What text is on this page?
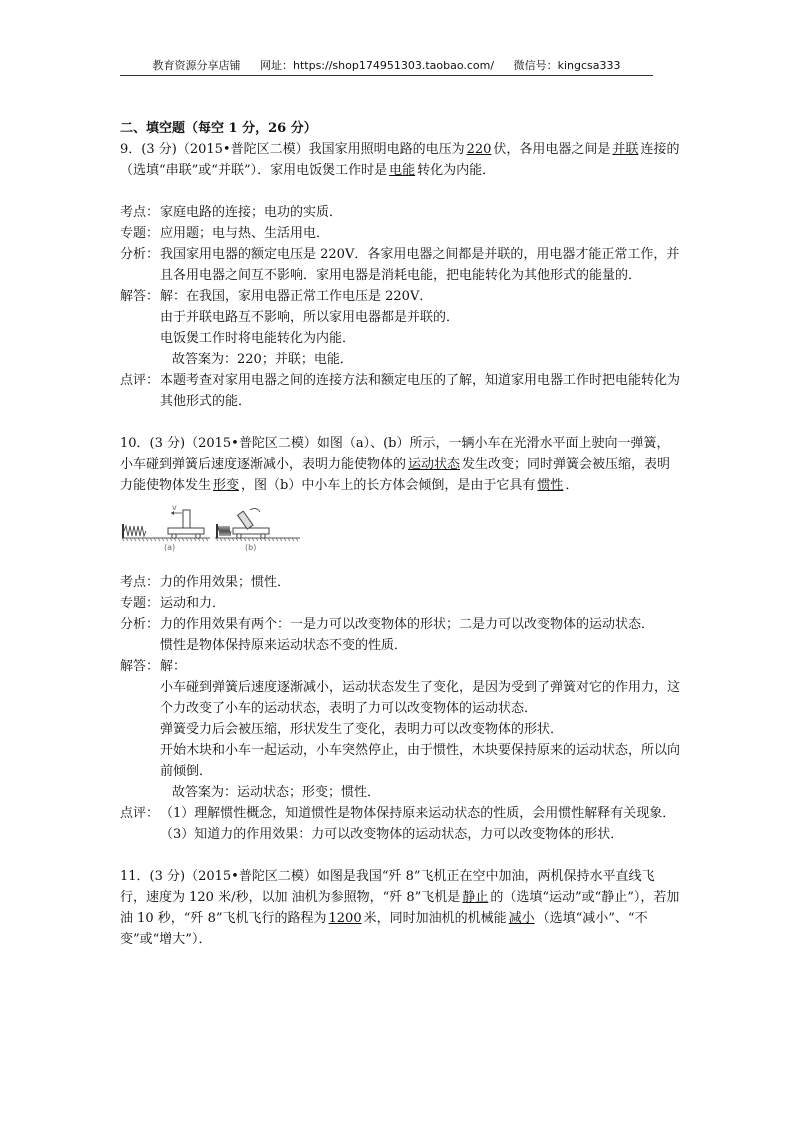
教育资源分享店铺 网址：https://shop174951303.taobao.com/ 微信号：kingcsa333
二、填空题（每空 1 分，26 分）

9．(3 分)（2015•普陀区二模）我国家用照明电路的电压为 220 伏，各用电器之间是 并联 连接的（选填“串联”或“并联”）．家用电饭煲工作时是 电能 转化为内能．

考点： 家庭电路的连接；电功的实质．
专题： 应用题；电与热、生活用电．
分析： 我国家用电器的额定电压是 220V．各家用电器之间都是并联的，用电器才能正常工作，并且各用电器之间互不影响．家用电器是消耗电能，把电能转化为其他形式的能量的．
解答： 解：在我国，家用电器正常工作电压是 220V．
由于并联电路互不影响，所以家用电器都是并联的．
电饭煲工作时将电能转化为内能．
故答案为：220；并联；电能．
点评： 本题考查对家用电器之间的连接方法和额定电压的了解，知道家用电器工作时把电能转化为其他形式的能．

10．(3 分)（2015•普陀区二模）如图（a）、(b）所示，一辆小车在光滑水平面上驶向一弹簧，小车碰到弹簧后速度逐渐减小，表明力能使物体的 运动状态 发生改变；同时弹簧会被压缩，表明力能使物体发生 形变 ，图（b）中小车上的长方体会倾倒，是由于它具有 惯性 ．

v
(a)	(b)
考点： 力的作用效果；惯性．
专题： 运动和力．
分析： 力的作用效果有两个：一是力可以改变物体的形状；二是力可以改变物体的运动状态．
惯性是物体保持原来运动状态不变的性质．
解答： 解：
小车碰到弹簧后速度逐渐减小，运动状态发生了变化，是因为受到了弹簧对它的作用力，这个力改变了小车的运动状态，表明了力可以改变物体的运动状态．
弹簧受力后会被压缩，形状发生了变化，表明力可以改变物体的形状．
开始木块和小车一起运动，小车突然停止，由于惯性，木块要保持原来的运动状态，所以向前倾倒．
故答案为：运动状态；形变；惯性．
点评： （1）理解惯性概念，知道惯性是物体保持原来运动状态的性质，会用惯性解释有关现象．
（3）知道力的作用效果：力可以改变物体的运动状态，力可以改变物体的形状．

11．(3 分)（2015•普陀区二模）如图是我国“歼 8”飞机正在空中加油，两机保持水平直线飞行，速度为 120 米/秒，以加 油机为参照物，“歼 8”飞机是 静止 的（选填“运动”或“静止”），若加油 10 秒，“歼 8”飞机飞行的路程为 1200 米，同时加油机的机械能 减小 （选填“减小”、“不变”或“增大”）．
